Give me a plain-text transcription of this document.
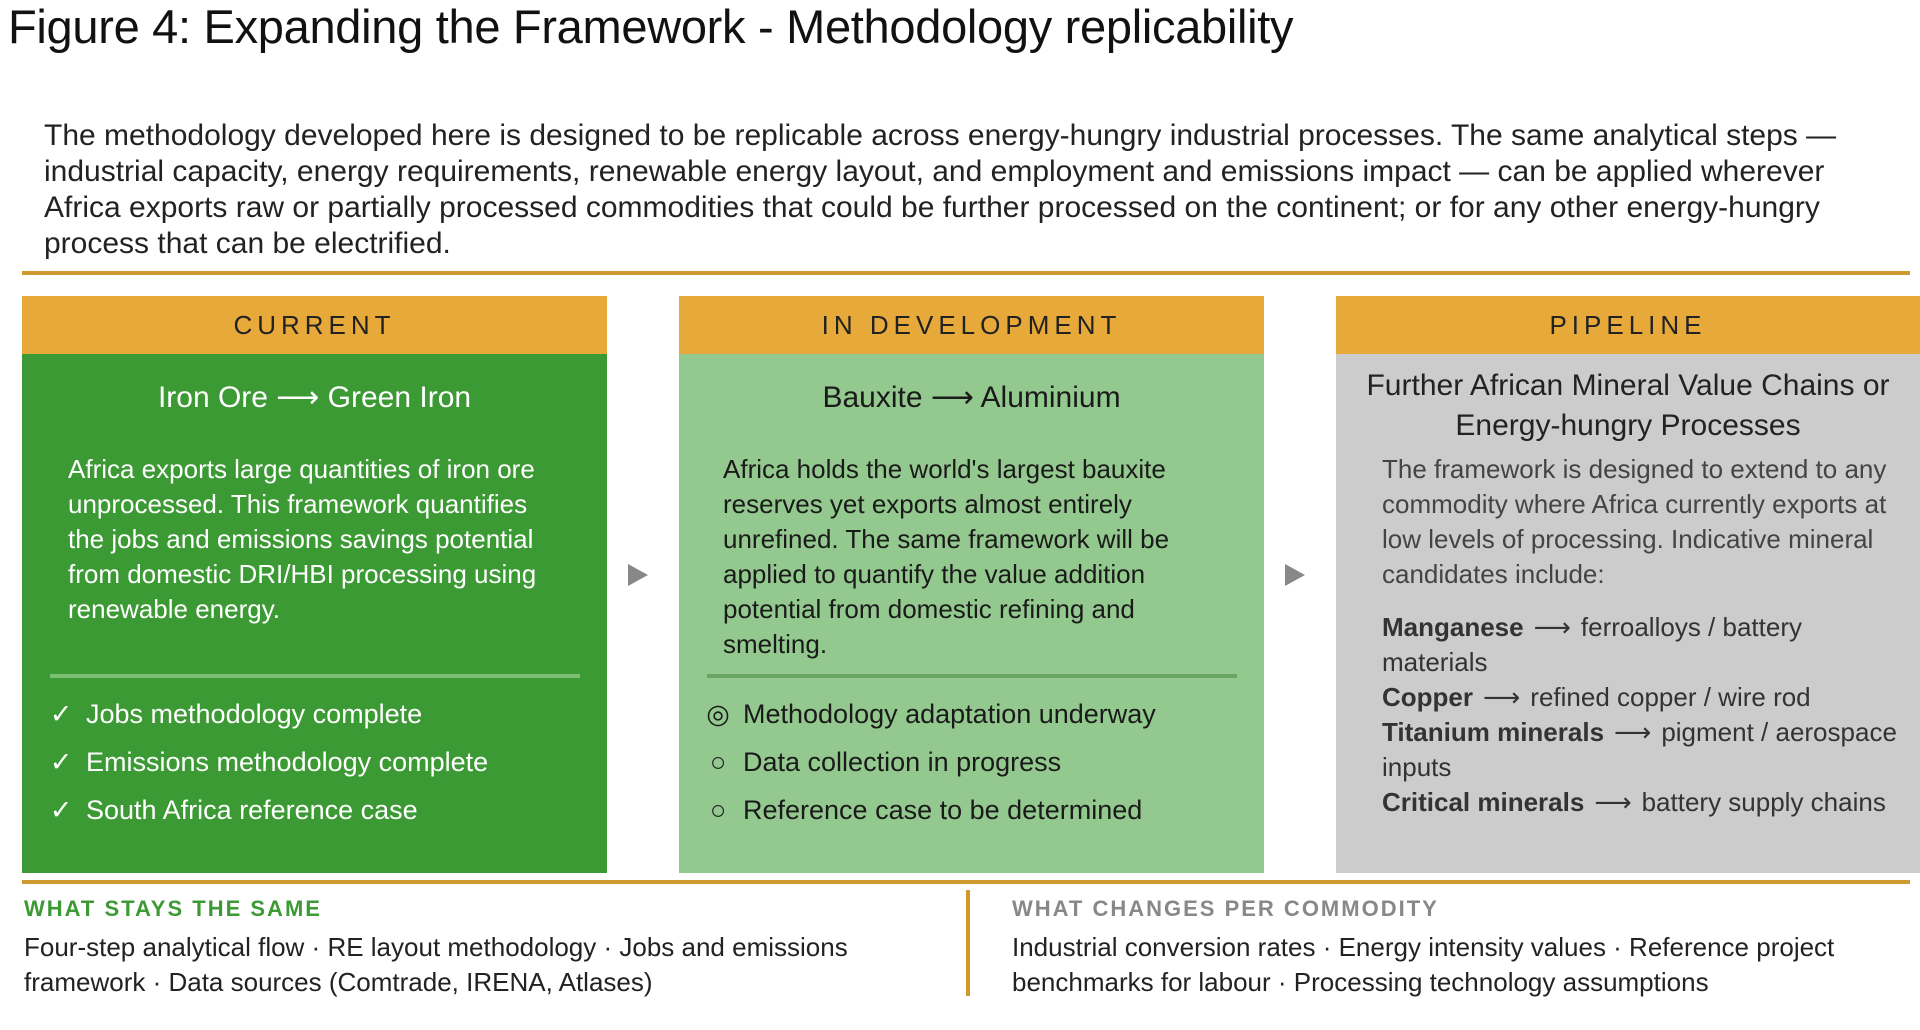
Figure 4: Expanding the Framework - Methodology replicability
The methodology developed here is designed to be replicable across energy-hungry industrial processes. The same analytical steps — industrial capacity, energy requirements, renewable energy layout, and employment and emissions impact — can be applied wherever Africa exports raw or partially processed commodities that could be further processed on the continent; or for any other energy-hungry process that can be electrified.
CURRENT
Iron Ore ⟶ Green Iron
Africa exports large quantities of iron ore unprocessed. This framework quantifies the jobs and emissions savings potential from domestic DRI/HBI processing using renewable energy.
✓ Jobs methodology complete
✓ Emissions methodology complete
✓ South Africa reference case
IN DEVELOPMENT
Bauxite ⟶ Aluminium
Africa holds the world's largest bauxite reserves yet exports almost entirely unrefined. The same framework will be applied to quantify the value addition potential from domestic refining and smelting.
◎ Methodology adaptation underway
○ Data collection in progress
○ Reference case to be determined
PIPELINE
Further African Mineral Value Chains or Energy-hungry Processes
The framework is designed to extend to any commodity where Africa currently exports at low levels of processing. Indicative mineral candidates include:
Manganese ⟶ ferroalloys / battery materials
Copper ⟶ refined copper / wire rod
Titanium minerals ⟶ pigment / aerospace inputs
Critical minerals ⟶ battery supply chains
WHAT STAYS THE SAME
Four-step analytical flow · RE layout methodology · Jobs and emissions framework · Data sources (Comtrade, IRENA, Atlases)
WHAT CHANGES PER COMMODITY
Industrial conversion rates · Energy intensity values · Reference project benchmarks for labour · Processing technology assumptions
